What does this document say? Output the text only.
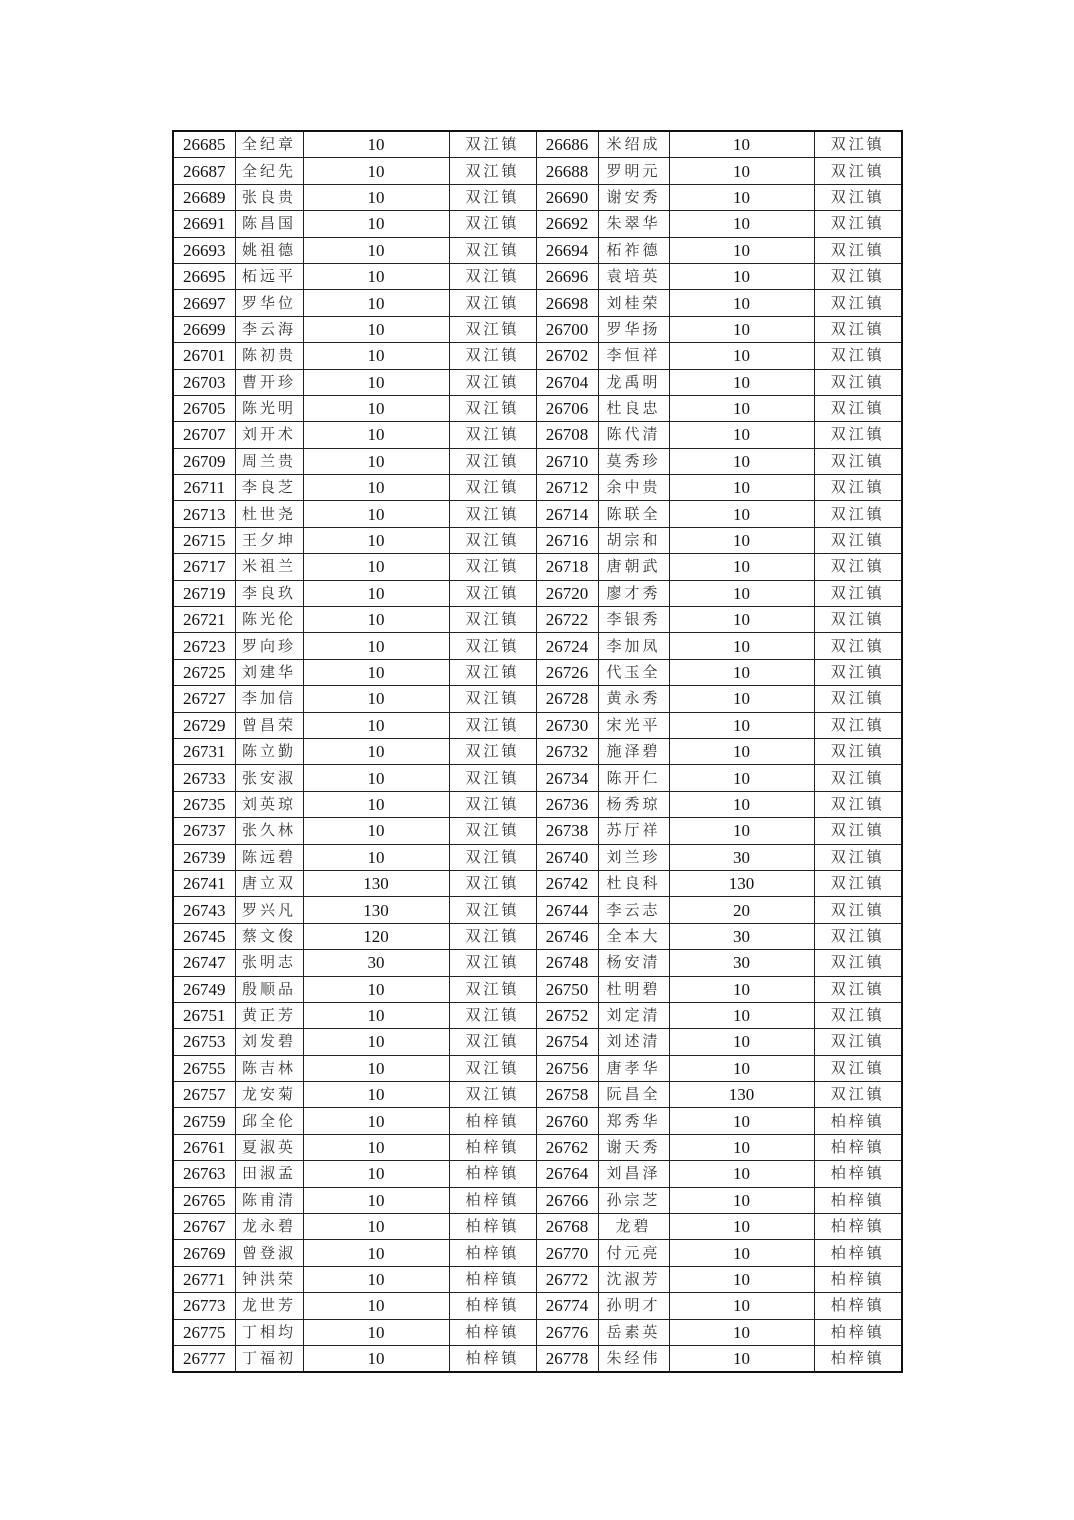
26685	全纪章	10	双江镇	26686	米绍成	10	双江镇
26687	全纪先	10	双江镇	26688	罗明元	10	双江镇
26689	张良贵	10	双江镇	26690	谢安秀	10	双江镇
26691	陈昌国	10	双江镇	26692	朱翠华	10	双江镇
26693	姚祖德	10	双江镇	26694	柘祚德	10	双江镇
26695	柘远平	10	双江镇	26696	袁培英	10	双江镇
26697	罗华位	10	双江镇	26698	刘桂荣	10	双江镇
26699	李云海	10	双江镇	26700	罗华扬	10	双江镇
26701	陈初贵	10	双江镇	26702	李恒祥	10	双江镇
26703	曹开珍	10	双江镇	26704	龙禹明	10	双江镇
26705	陈光明	10	双江镇	26706	杜良忠	10	双江镇
26707	刘开术	10	双江镇	26708	陈代清	10	双江镇
26709	周兰贵	10	双江镇	26710	莫秀珍	10	双江镇
26711	李良芝	10	双江镇	26712	余中贵	10	双江镇
26713	杜世尧	10	双江镇	26714	陈联全	10	双江镇
26715	王夕坤	10	双江镇	26716	胡宗和	10	双江镇
26717	米祖兰	10	双江镇	26718	唐朝武	10	双江镇
26719	李良玖	10	双江镇	26720	廖才秀	10	双江镇
26721	陈光伦	10	双江镇	26722	李银秀	10	双江镇
26723	罗向珍	10	双江镇	26724	李加凤	10	双江镇
26725	刘建华	10	双江镇	26726	代玉全	10	双江镇
26727	李加信	10	双江镇	26728	黄永秀	10	双江镇
26729	曾昌荣	10	双江镇	26730	宋光平	10	双江镇
26731	陈立勤	10	双江镇	26732	施泽碧	10	双江镇
26733	张安淑	10	双江镇	26734	陈开仁	10	双江镇
26735	刘英琼	10	双江镇	26736	杨秀琼	10	双江镇
26737	张久林	10	双江镇	26738	苏厅祥	10	双江镇
26739	陈远碧	10	双江镇	26740	刘兰珍	30	双江镇
26741	唐立双	130	双江镇	26742	杜良科	130	双江镇
26743	罗兴凡	130	双江镇	26744	李云志	20	双江镇
26745	蔡文俊	120	双江镇	26746	全本大	30	双江镇
26747	张明志	30	双江镇	26748	杨安清	30	双江镇
26749	殷顺品	10	双江镇	26750	杜明碧	10	双江镇
26751	黄正芳	10	双江镇	26752	刘定清	10	双江镇
26753	刘发碧	10	双江镇	26754	刘述清	10	双江镇
26755	陈吉林	10	双江镇	26756	唐孝华	10	双江镇
26757	龙安菊	10	双江镇	26758	阮昌全	130	双江镇
26759	邱全伦	10	柏梓镇	26760	郑秀华	10	柏梓镇
26761	夏淑英	10	柏梓镇	26762	谢天秀	10	柏梓镇
26763	田淑孟	10	柏梓镇	26764	刘昌泽	10	柏梓镇
26765	陈甫清	10	柏梓镇	26766	孙宗芝	10	柏梓镇
26767	龙永碧	10	柏梓镇	26768	龙碧	10	柏梓镇
26769	曾登淑	10	柏梓镇	26770	付元亮	10	柏梓镇
26771	钟洪荣	10	柏梓镇	26772	沈淑芳	10	柏梓镇
26773	龙世芳	10	柏梓镇	26774	孙明才	10	柏梓镇
26775	丁相均	10	柏梓镇	26776	岳素英	10	柏梓镇
26777	丁福初	10	柏梓镇	26778	朱经伟	10	柏梓镇
